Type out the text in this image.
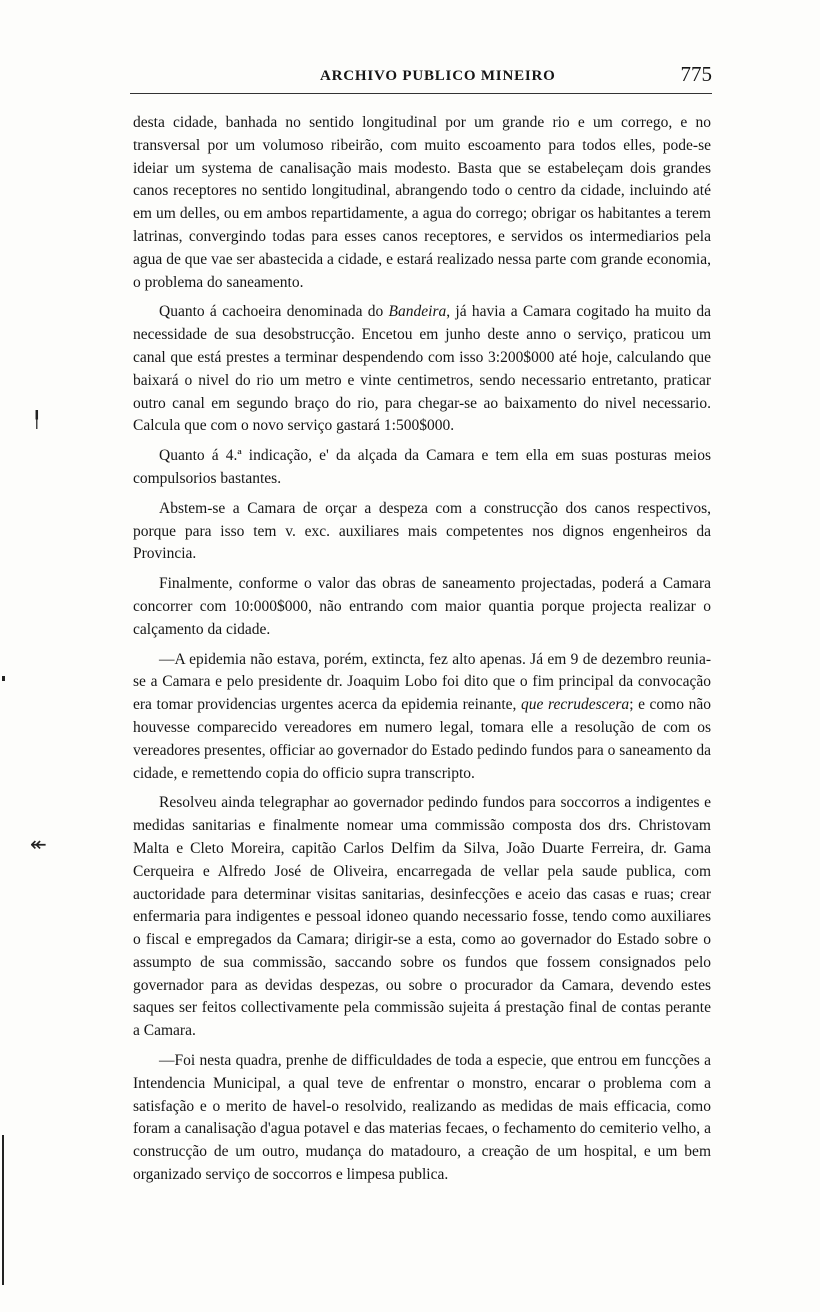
ARCHIVO PUBLICO MINEIRO	775

desta cidade, banhada no sentido longitudinal por um grande rio e um corrego, e no transversal por um volumoso ribeirão, com muito escoamento para todos elles, pode-se ideiar um systema de canalisação mais modesto. Basta que se estabeleçam dois grandes canos receptores no sentido longitudinal, abrangendo todo o centro da cidade, incluindo até em um delles, ou em ambos repartidamente, a agua do corrego; obrigar os habitantes a terem latrinas, convergindo todas para esses canos receptores, e servidos os intermediarios pela agua de que vae ser abastecida a cidade, e estará realizado nessa parte com grande economia, o problema do saneamento.

Quanto á cachoeira denominada do Bandeira, já havia a Camara cogitado ha muito da necessidade de sua desobstrucção. Encetou em junho deste anno o serviço, praticou um canal que está prestes a terminar despendendo com isso 3:200$000 até hoje, calculando que baixará o nivel do rio um metro e vinte centimetros, sendo necessario entretanto, praticar outro canal em segundo braço do rio, para chegar-se ao baixamento do nivel necessario. Calcula que com o novo serviço gastará 1:500$000.

Quanto á 4.ª indicação, e' da alçada da Camara e tem ella em suas posturas meios compulsorios bastantes.

Abstem-se a Camara de orçar a despeza com a construcção dos canos respectivos, porque para isso tem v. exc. auxiliares mais competentes nos dignos engenheiros da Provincia.

Finalmente, conforme o valor das obras de saneamento projectadas, poderá a Camara concorrer com 10:000$000, não entrando com maior quantia porque projecta realizar o calçamento da cidade.

—A epidemia não estava, porém, extincta, fez alto apenas. Já em 9 de dezembro reunia-se a Camara e pelo presidente dr. Joaquim Lobo foi dito que o fim principal da convocação era tomar providencias urgentes acerca da epidemia reinante, que recrudescera; e como não houvesse comparecido vereadores em numero legal, tomara elle a resolução de com os vereadores presentes, officiar ao governador do Estado pedindo fundos para o saneamento da cidade, e remettendo copia do officio supra transcripto.

Resolveu ainda telegraphar ao governador pedindo fundos para soccorros a indigentes e medidas sanitarias e finalmente nomear uma commissão composta dos drs. Christovam Malta e Cleto Moreira, capitão Carlos Delfim da Silva, João Duarte Ferreira, dr. Gama Cerqueira e Alfredo José de Oliveira, encarregada de vellar pela saude publica, com auctoridade para determinar visitas sanitarias, desinfecções e aceio das casas e ruas; crear enfermaria para indigentes e pessoal idoneo quando necessario fosse, tendo como auxiliares o fiscal e empregados da Camara; dirigir-se a esta, como ao governador do Estado sobre o assumpto de sua commissão, saccando sobre os fundos que fossem consignados pelo governador para as devidas despezas, ou sobre o procurador da Camara, devendo estes saques ser feitos collectivamente pela commissão sujeita á prestação final de contas perante a Camara.

—Foi nesta quadra, prenhe de difficuldades de toda a especie, que entrou em funcções a Intendencia Municipal, a qual teve de enfrentar o monstro, encarar o problema com a satisfação e o merito de havel-o resolvido, realizando as medidas de mais efficacia, como foram a canalisação d'agua potavel e das materias fecaes, o fechamento do cemiterio velho, a construcção de um outro, mudança do matadouro, a creação de um hospital, e um bem organizado serviço de soccorros e limpesa publica.

╿
↞
